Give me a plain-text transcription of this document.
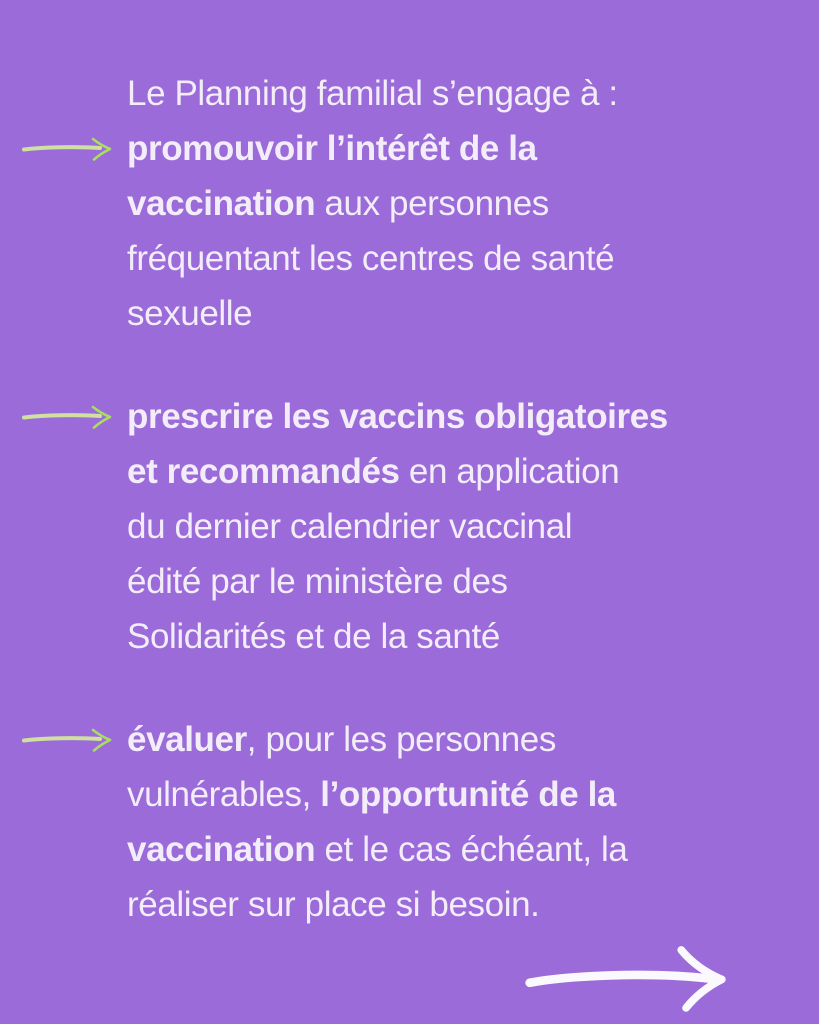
Le Planning familial s’engage à :
promouvoir l’intérêt de la
vaccination aux personnes
fréquentant les centres de santé
sexuelle
prescrire les vaccins obligatoires
et recommandés en application
du dernier calendrier vaccinal
édité par le ministère des
Solidarités et de la santé
évaluer, pour les personnes
vulnérables, l’opportunité de la
vaccination et le cas échéant, la
réaliser sur place si besoin.
